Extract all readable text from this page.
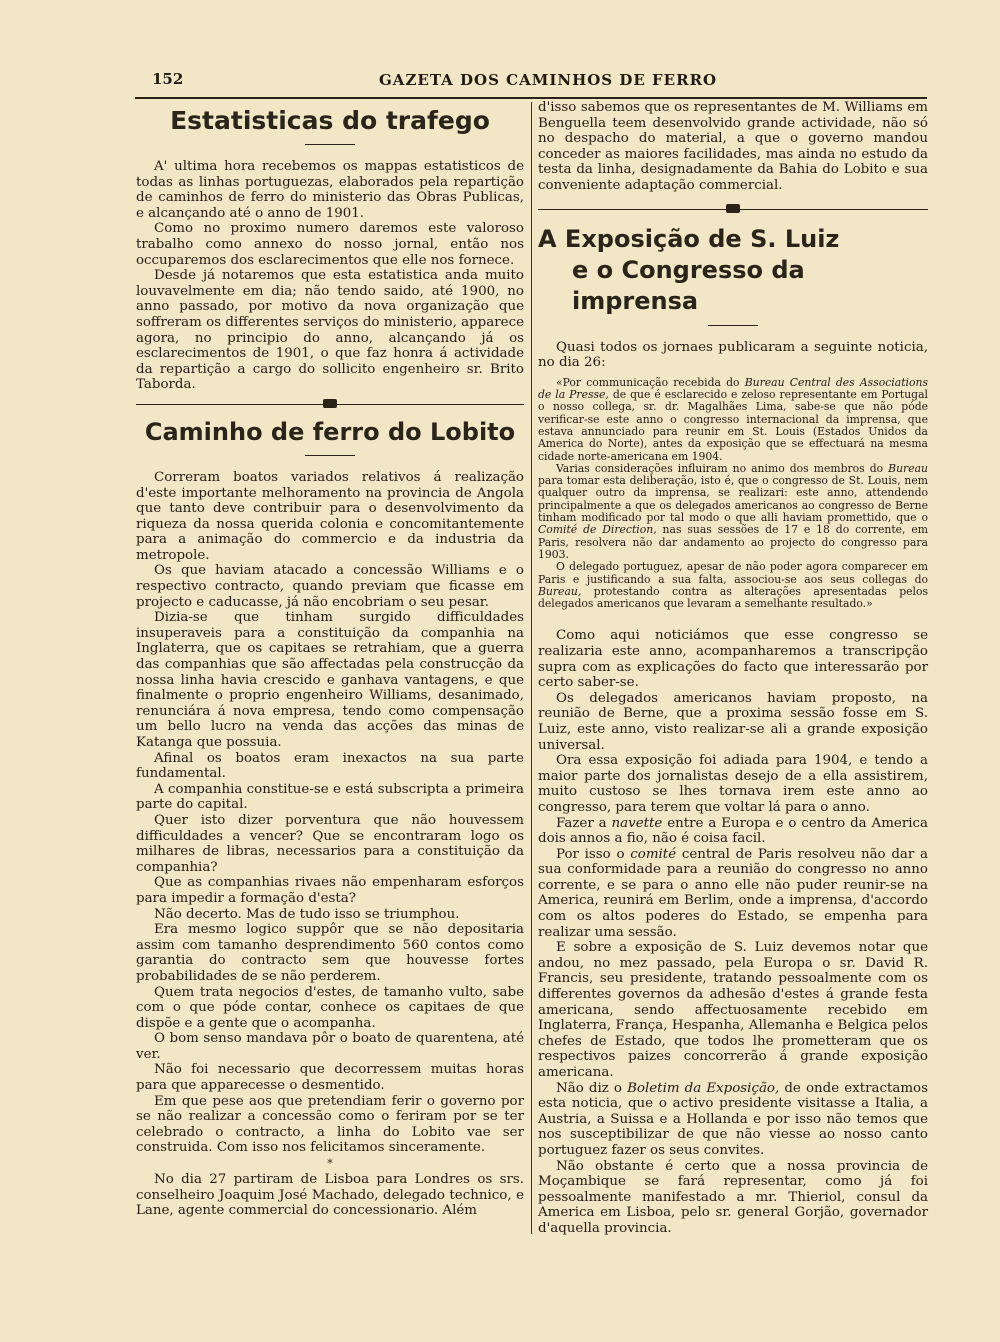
152	GAZETA DOS CAMINHOS DE FERRO
Estatisticas do trafego

A' ultima hora recebemos os mappas estatisticos de todas as linhas portuguezas, elaborados pela repartição de caminhos de ferro do ministerio das Obras Publicas, e alcançando até o anno de 1901.

Como no proximo numero daremos este valoroso trabalho como annexo do nosso jornal, então nos occuparemos dos esclarecimentos que elle nos fornece.

Desde já notaremos que esta estatistica anda muito louvavelmente em dia; não tendo saido, até 1900, no anno passado, por motivo da nova organização que soffreram os differentes serviços do ministerio, apparece agora, no principio do anno, alcançando já os esclarecimentos de 1901, o que faz honra á actividade da repartição a cargo do sollicito engenheiro sr. Brito Taborda.

Caminho de ferro do Lobito

Correram boatos variados relativos á realização d'este importante melhoramento na provincia de Angola que tanto deve contribuir para o desenvolvimento da riqueza da nossa querida colonia e concomitantemente para a animação do commercio e da industria da metropole.

Os que haviam atacado a concessão Williams e o respectivo contracto, quando previam que ficasse em projecto e caducasse, já não encobriam o seu pesar.

Dizia-se que tinham surgido difficuldades insuperaveis para a constituição da companhia na Inglaterra, que os capitaes se retrahiam, que a guerra das companhias que são affectadas pela construcção da nossa linha havia crescido e ganhava vantagens, e que finalmente o proprio engenheiro Williams, desanimado, renunciára á nova empresa, tendo como compensação um bello lucro na venda das acções das minas de Katanga que possuia.

Afinal os boatos eram inexactos na sua parte fundamental.

A companhia constitue-se e está subscripta a primeira parte do capital.

Quer isto dizer porventura que não houvessem difficuldades a vencer? Que se encontraram logo os milhares de libras, necessarios para a constituição da companhia?

Que as companhias rivaes não empenharam esforços para impedir a formação d'esta?

Não decerto. Mas de tudo isso se triumphou.

Era mesmo logico suppôr que se não depositaria assim com tamanho desprendimento 560 contos como garantia do contracto sem que houvesse fortes probabilidades de se não perderem.

Quem trata negocios d'estes, de tamanho vulto, sabe com o que póde contar, conhece os capitaes de que dispõe e a gente que o acompanha.

O bom senso mandava pôr o boato de quarentena, até ver.

Não foi necessario que decorressem muitas horas para que apparecesse o desmentido.

Em que pese aos que pretendiam ferir o governo por se não realizar a concessão como o feriram por se ter celebrado o contracto, a linha do Lobito vae ser construida. Com isso nos felicitamos sinceramente.

*

No dia 27 partiram de Lisboa para Londres os srs. conselheiro Joaquim José Machado, delegado technico, e Lane, agente commercial do concessionario. Além

d'isso sabemos que os representantes de M. Williams em Benguella teem desenvolvido grande actividade, não só no despacho do material, a que o governo mandou conceder as maiores facilidades, mas ainda no estudo da testa da linha, designadamente da Bahia do Lobito e sua conveniente adaptação commercial.

A Exposição de S. Luiz
e o Congresso da imprensa

Quasi todos os jornaes publicaram a seguinte noticia, no dia 26:

«Por communicação recebida do Bureau Central des Associations de la Presse, de que é esclarecido e zeloso representante em Portugal o nosso collega, sr. dr. Magalhães Lima, sabe-se que não póde verificar-se este anno o congresso internacional da imprensa, que estava annunciado para reunir em St. Louis (Estados Unidos da America do Norte), antes da exposição que se effectuará na mesma cidade norte-americana em 1904.

Varias considerações influiram no animo dos membros do Bureau para tomar esta deliberação, isto é, que o congresso de St. Louis, nem qualquer outro da imprensa, se realizari: este anno, attendendo principalmente a que os delegados americanos ao congresso de Berne tinham modificado por tal modo o que alli haviam promettido, que o Comité de Direction, nas suas sessões de 17 e 18 do corrente, em Paris, resolvera não dar andamento ao projecto do congresso para 1903.

O delegado portuguez, apesar de não poder agora comparecer em Paris e justificando a sua falta, associou-se aos seus collegas do Bureau, protestando contra as alterações apresentadas pelos delegados americanos que levaram a semelhante resultado.»

Como aqui noticiámos que esse congresso se realizaria este anno, acompanharemos a transcripção supra com as explicações do facto que interessarão por certo saber-se.

Os delegados americanos haviam proposto, na reunião de Berne, que a proxima sessão fosse em S. Luiz, este anno, visto realizar-se ali a grande exposição universal.

Ora essa exposição foi adiada para 1904, e tendo a maior parte dos jornalistas desejo de a ella assistirem, muito custoso se lhes tornava irem este anno ao congresso, para terem que voltar lá para o anno.

Fazer a navette entre a Europa e o centro da America dois annos a fio, não é coisa facil.

Por isso o comité central de Paris resolveu não dar a sua conformidade para a reunião do congresso no anno corrente, e se para o anno elle não puder reunir-se na America, reunirá em Berlim, onde a imprensa, d'accordo com os altos poderes do Estado, se empenha para realizar uma sessão.

E sobre a exposição de S. Luiz devemos notar que andou, no mez passado, pela Europa o sr. David R. Francis, seu presidente, tratando pessoalmente com os differentes governos da adhesão d'estes á grande festa americana, sendo affectuosamente recebido em Inglaterra, França, Hespanha, Allemanha e Belgica pelos chefes de Estado, que todos lhe prometteram que os respectivos paizes concorrerão á grande exposição americana.

Não diz o Boletim da Exposição, de onde extractamos esta noticia, que o activo presidente visitasse a Italia, a Austria, a Suissa e a Hollanda e por isso não temos que nos susceptibilizar de que não viesse ao nosso canto portuguez fazer os seus convites.

Não obstante é certo que a nossa provincia de Moçambique se fará representar, como já foi pessoalmente manifestado a mr. Thieriol, consul da America em Lisboa, pelo sr. general Gorjão, governador d'aquella provincia.
